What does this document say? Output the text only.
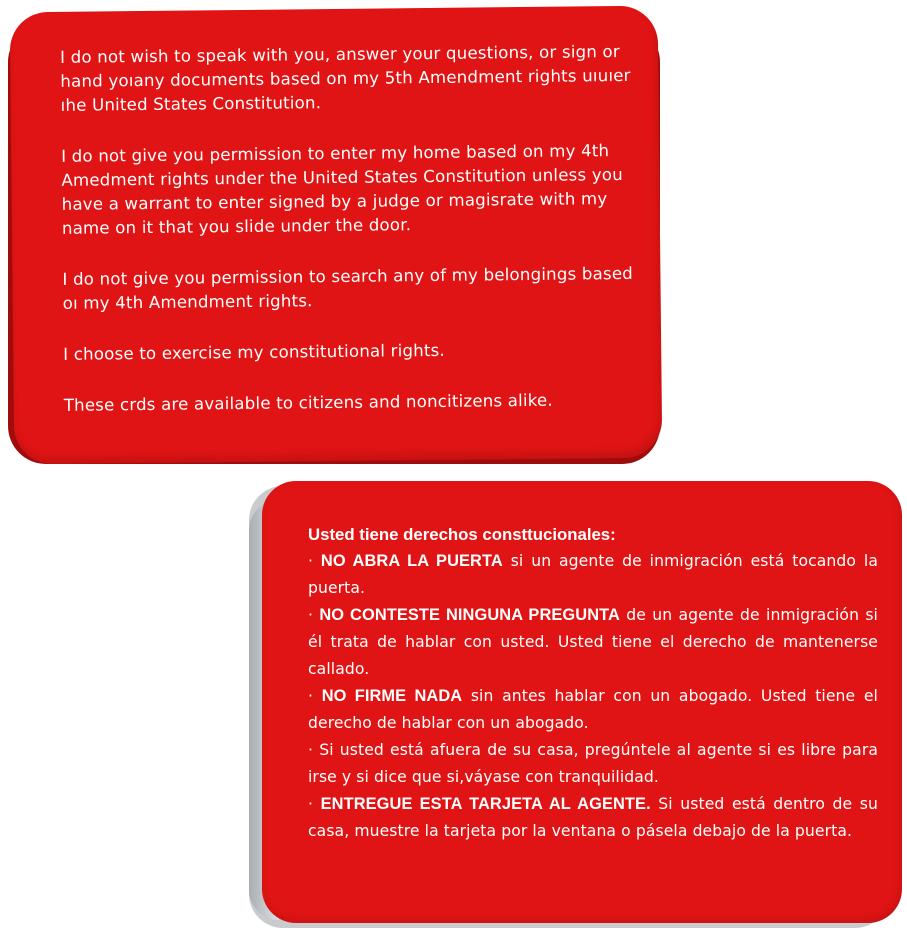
I do not wish to speak with you, answer your questions, or sign or hand yoıany documents based on my 5th Amendment rights uıuıer ıhe United States Constitution.

I do not give you permission to enter my home based on my 4th Amedment rights under the United States Constitution unless you have a warrant to enter signed by a judge or magisrate with my name on it that you slide under the door.

I do not give you permission to search any of my belongings based oı my 4th Amendment rights.

I choose to exercise my constitutional rights.

These crds are available to citizens and noncitizens alike.

Usted tiene derechos consttucionales:

· NO ABRA LA PUERTA si un agente de inmigración está tocando la puerta.

· NO CONTESTE NINGUNA PREGUNTA de un agente de inmigración si él trata de hablar con usted. Usted tiene el derecho de mantenerse callado.

· NO FIRME NADA sin antes hablar con un abogado. Usted tiene el derecho de hablar con un abogado.

· Si usted está afuera de su casa, pregúntele al agente si es libre para irse y si dice que si,váyase con tranquilidad.

· ENTREGUE ESTA TARJETA AL AGENTE. Si usted está dentro de su casa, muestre la tarjeta por la ventana o pásela debajo de la puerta.
